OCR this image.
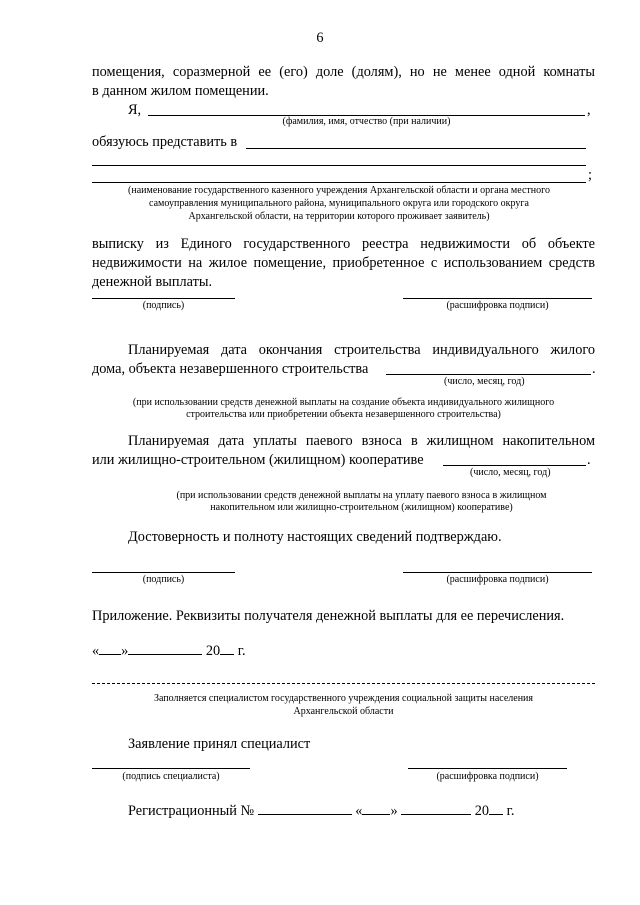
6
помещения, соразмерной ее (его) доле (долям), но не менее одной комнаты
в данном жилом помещении.
Я,	,
(фамилия, имя, отчество (при наличии)
обязуюсь представить в
;
(наименование государственного казенного учреждения Архангельской области и органа местного
самоуправления муниципального района, муниципального округа или городского округа
Архангельской области, на территории которого проживает заявитель)
выписку из Единого государственного реестра недвижимости об объекте
недвижимости на жилое помещение, приобретенное с использованием средств
денежной выплаты.
(подпись)	(расшифровка подписи)
Планируемая дата окончания строительства индивидуального жилого
дома, объекта незавершенного строительства	.
(число, месяц, год)
(при использовании средств денежной выплаты на создание объекта индивидуального жилищного
строительства или приобретении объекта незавершенного строительства)
Планируемая дата уплаты паевого взноса в жилищном накопительном
или жилищно-строительном (жилищном) кооперативе	.
(число, месяц, год)
(при использовании средств денежной выплаты на уплату паевого взноса в жилищном
накопительном или жилищно-строительном (жилищном) кооперативе)
Достоверность и полноту настоящих сведений подтверждаю.
(подпись)	(расшифровка подписи)
Приложение. Реквизиты получателя денежной выплаты для ее перечисления.
« »	20 г.
Заполняется специалистом государственного учреждения социальной защиты населения
Архангельской области
Заявление принял специалист
(подпись специалиста)	(расшифровка подписи)
Регистрационный №	« »	20 г.
